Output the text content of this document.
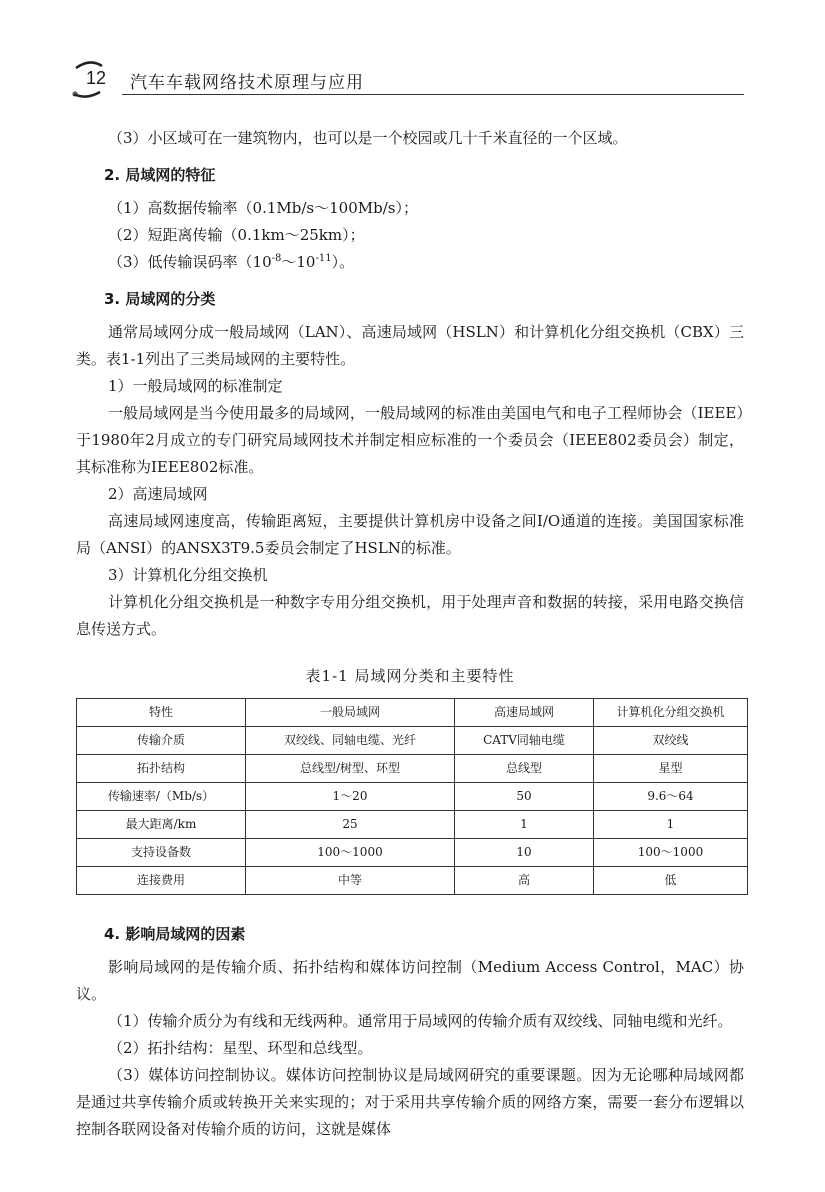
12 汽车车载网络技术原理与应用

（3）小区域可在一建筑物内，也可以是一个校园或几十千米直径的一个区域。

2. 局域网的特征

（1）高数据传输率（0.1Mb/s～100Mb/s）；

（2）短距离传输（0.1km～25km）；

（3）低传输误码率$(10^{-8}\sim 10^{-11})$。

3. 局域网的分类

通常局域网分成一般局域网（LAN）、高速局域网（HSLN）和计算机化分组交换机（CBX）三类。表1-1列出了三类局域网的主要特性。

1）一般局域网的标准制定

一般局域网是当今使用最多的局域网，一般局域网的标准由美国电气和电子工程师协会（IEEE）于1980年2月成立的专门研究局域网技术并制定相应标准的一个委员会（IEEE802委员会）制定，其标准称为IEEE802标准。

2）高速局域网

高速局域网速度高，传输距离短，主要提供计算机房中设备之间I/O通道的连接。美国国家标准局（ANSI）的ANSX3T9.5委员会制定了HSLN的标准。

3）计算机化分组交换机

计算机化分组交换机是一种数字专用分组交换机，用于处理声音和数据的转接，采用电路交换信息传送方式。

表1-1 局域网分类和主要特性
特性	一般局域网	高速局域网	计算机化分组交换机
传输介质	双绞线、同轴电缆、光纤	CATV同轴电缆	双绞线
拓扑结构	总线型/树型、环型	总线型	星型
传输速率/（Mb/s）	1～20	50	9.6～64
最大距离/km	25	1	1
支持设备数	100～1000	10	100～1000
连接费用	中等	高	低
4. 影响局域网的因素

影响局域网的是传输介质、拓扑结构和媒体访问控制（Medium Access Control，MAC）协议。

（1）传输介质分为有线和无线两种。通常用于局域网的传输介质有双绞线、同轴电缆和光纤。

（2）拓扑结构：星型、环型和总线型。

（3）媒体访问控制协议。媒体访问控制协议是局域网研究的重要课题。因为无论哪种局域网都是通过共享传输介质或转换开关来实现的；对于采用共享传输介质的网络方案，需要一套分布逻辑以控制各联网设备对传输介质的访问，这就是媒体
